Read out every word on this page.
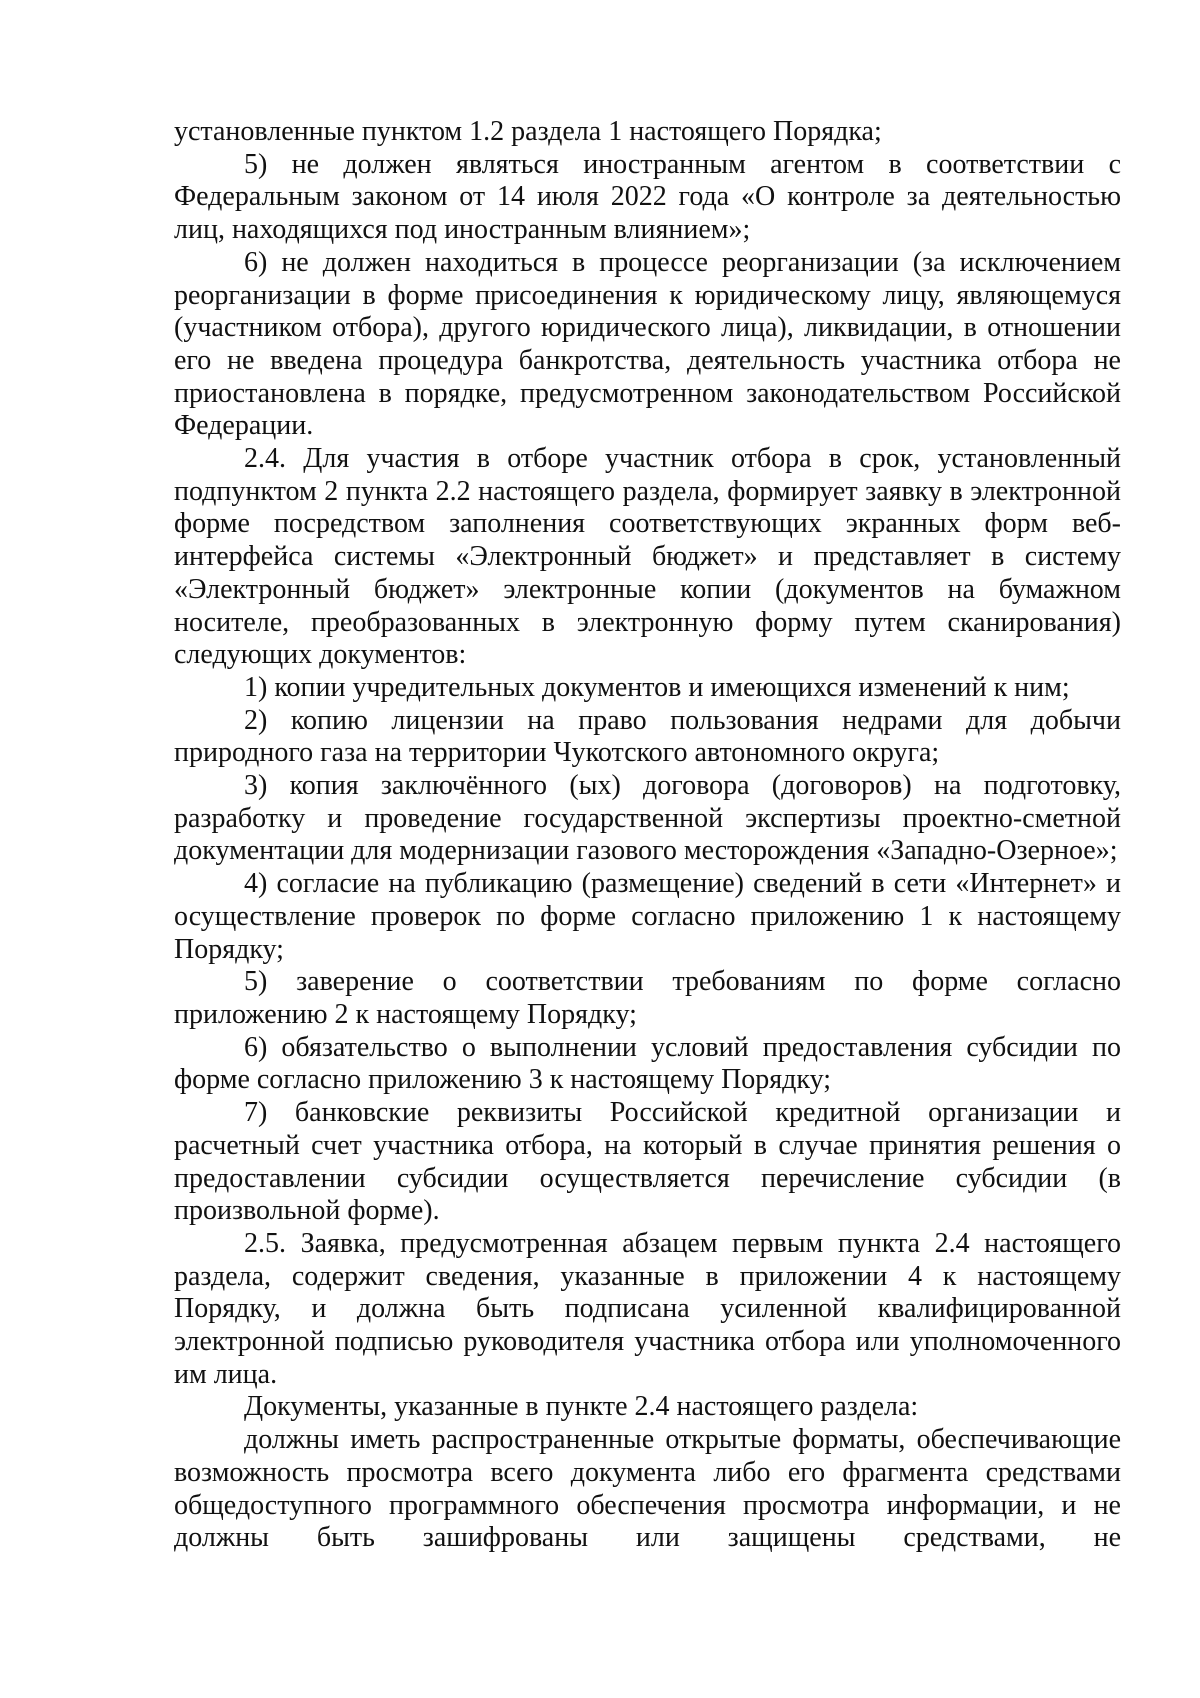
установленные пунктом 1.2 раздела 1 настоящего Порядка;

5) не должен являться иностранным агентом в соответствии с Федеральным законом от 14 июля 2022 года «О контроле за деятельностью лиц, находящихся под иностранным влиянием»;

6) не должен находиться в процессе реорганизации (за исключением реорганизации в форме присоединения к юридическому лицу, являющемуся (участником отбора), другого юридического лица), ликвидации, в отношении его не введена процедура банкротства, деятельность участника отбора не приостановлена в порядке, предусмотренном законодательством Российской Федерации.

2.4. Для участия в отборе участник отбора в срок, установленный подпунктом 2 пункта 2.2 настоящего раздела, формирует заявку в электронной форме посредством заполнения соответствующих экранных форм веб-интерфейса системы «Электронный бюджет» и представляет в систему «Электронный бюджет» электронные копии (документов на бумажном носителе, преобразованных в электронную форму путем сканирования) следующих документов:

1) копии учредительных документов и имеющихся изменений к ним;

2) копию лицензии на право пользования недрами для добычи природного газа на территории Чукотского автономного округа;

3) копия заключённого (ых) договора (договоров) на подготовку, разработку и проведение государственной экспертизы проектно-сметной документации для модернизации газового месторождения «Западно-Озерное»;

4) согласие на публикацию (размещение) сведений в сети «Интернет» и осуществление проверок по форме согласно приложению 1 к настоящему Порядку;

5) заверение о соответствии требованиям по форме согласно приложению 2 к настоящему Порядку;

6) обязательство о выполнении условий предоставления субсидии по форме согласно приложению 3 к настоящему Порядку;

7) банковские реквизиты Российской кредитной организации и расчетный счет участника отбора, на который в случае принятия решения о предоставлении субсидии осуществляется перечисление субсидии (в произвольной форме).

2.5. Заявка, предусмотренная абзацем первым пункта 2.4 настоящего раздела, содержит сведения, указанные в приложении 4 к настоящему Порядку, и должна быть подписана усиленной квалифицированной электронной подписью руководителя участника отбора или уполномоченного им лица.

Документы, указанные в пункте 2.4 настоящего раздела:

должны иметь распространенные открытые форматы, обеспечивающие возможность просмотра всего документа либо его фрагмента средствами общедоступного программного обеспечения просмотра информации, и не должны быть зашифрованы или защищены средствами, не
